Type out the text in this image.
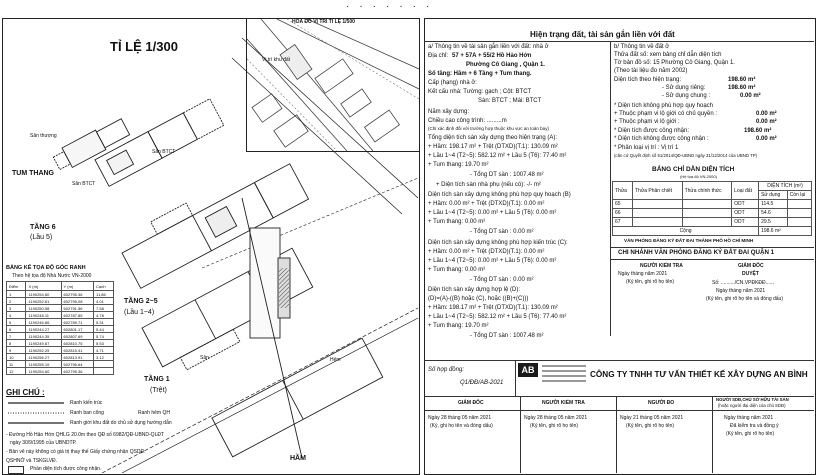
·······
TỈ LỆ 1/300
HOA ĐỒ VỊ TRÍ TỈ LỆ 1/500
Vị trí khu đất
TUM THANG
TẦNG 6
(Lầu 5)
TẦNG 2~5
(Lầu 1~4)
TẦNG 1
(Trệt)
HẦM
Sân BTCT
Sân thượng
Sân BTCT
Sân	Hẻm
BẢNG KÊ TỌA ĐỘ GÓC RANH
Theo hệ tọa độ Nhà Nước VN-2000
Điểm	X (m)	Y (m)	Cạnh
1	1190254.60	602795.36	11.86
2	1190252.61	602795.08	4.01
3	1190250.58	602791.56	7.58
4	1190248.11	602787.85	4.78
5	1190246.86	602789.71	5.31
6	1190244.27	602801.17	5.44
7	1190244.35	602807.69	5.74
8	1190249.67	602810.75	5.53
9	1190252.25	602815.41	4.71
10	1190256.27	602813.91	3.12
11	1190255.19	602796.64	
12	1190254.60	602795.36	
GHI CHÚ :
Ranh kiến trúc
Ranh ban công	Ranh hẻm QH
Ranh giới khu đất do chủ sử dụng hướng dẫn
- Đường Hồ Hảo Hớn QHLG 20.0m theo QĐ số 6982/QĐ-UBND-QLĐT
ngày 30/9/1995 của UBNDTP.
- Bản vẽ này không có giá trị thay thế Giấy chứng nhận QSDĐ.
QSHNỞ và TSKGLVĐ.
Phần diện tích được công nhận.
Hiện trạng đất, tài sản gắn liền với đất
a/ Thông tin về tài sản gắn liền với đất: nhà ở
Địa chỉ: 57 + 57A + 55/2 Hồ Hảo Hớn
Phường Cô Giang , Quận 1.
Số tầng: Hầm + 6 Tầng + Tum thang.
Cấp (hạng) nhà ở:
Kết cấu nhà: Tường: gạch ; Cột: BTCT
Sàn: BTCT ; Mái: BTCT
Năm xây dựng:
Chiều cao công trình: .........m
(Chỉ xác định đối với trường hợp thuộc khu vực an toàn bay)
Tổng diện tích sàn xây dựng theo hiện trạng (A):
+ Hầm: 198.17 m² + Trệt (DTXD)(T.1): 130.09 m²
+ Lầu 1~4 (T2~5): 582.12 m² + Lầu 5 (T6): 77.40 m²
+ Tum thang: 19.70 m²
- Tổng DT sàn : 1007.48 m²
+ Diện tích sàn nhà phụ (nếu có): -/- m²
Diện tích sàn xây dựng không phù hợp quy hoạch (B)
+ Hầm: 0.00 m² + Trệt (DTXD)(T.1): 0.00 m²
+ Lầu 1~4 (T2~5): 0.00 m² + Lầu 5 (T6): 0.00 m²
+ Tum thang: 0.00 m²
- Tổng DT sàn : 0.00 m²
Diện tích sàn xây dựng không phù hợp kiến trúc (C):
+ Hầm: 0.00 m² + Trệt (DTXD)(T.1): 0.00 m²
+ Lầu 1~4 (T2~5): 0.00 m² + Lầu 5 (T6): 0.00 m²
+ Tum thang: 0.00 m²
- Tổng DT sàn : 0.00 m²
Diện tích sàn xây dựng hợp lệ (D):
(D)=(A)-((B) hoặc (C), hoặc ((B)+(C)))
+ Hầm: 198.17 m² + Trệt (DTXD)(T.1): 130.09 m²
+ Lầu 1~4 (T2~5): 582.12 m² + Lầu 5 (T6): 77.40 m²
+ Tum thang: 19.70 m²
- Tổng DT sàn : 1007.48 m²
b/ Thông tin về đất ở
Thửa đất số: xem bảng chỉ dẫn diện tích
Tờ bản đồ số: 15 Phường Cô Giang, Quận 1.
(Theo tài liệu đo năm 2002)
Diện tích theo hiện trạng:	198.60 m²
- Sử dụng riêng:	198.60 m²
- Sử dụng chung :	0.00 m²
* Diện tích không phù hợp quy hoạch
+ Thuộc phạm vi lộ giới có chủ quyền :	0.00 m²
+ Thuộc phạm vi lộ giới :	0.00 m²
* Diện tích được công nhận:	198.60 m²
* Diện tích không được công nhận :	0.00 m²
* Phân loại vị trí : Vị trí 1
(căn cứ Quyết định số 51/2014/QĐ-UBND ngày 31/12/2014 của UBND TP)
BẢNG CHỈ DẪN DIỆN TÍCH
(Hệ tọa độ VN-2000)
Thửa	Thửa Phân chiết	Thửa chính thức	Loại đất	DIỆN TÍCH (m²)	
				Sử dụng	Còn lại
65			ODT	114.5	
66			ODT	54.6	
67			ODT	29.5	
Cộng				198.6 m²	
VĂN PHÒNG ĐĂNG KÝ ĐẤT ĐAI THÀNH PHỐ HỒ CHÍ MINH
CHI NHÁNH VĂN PHÒNG ĐĂNG KÝ ĐẤT ĐAI QUẬN 1
NGƯỜI KIỂM TRA
Ngày tháng năm 2021
(Ký tên, ghi rõ họ tên)
GIÁM ĐỐC
DUYỆT
Số: ........../CN.VPĐKĐĐ......
Ngày tháng năm 2021
(Ký tên, ghi rõ họ tên và đóng dấu)
Số hợp đồng:
Q1/ĐĐ/AB-2021
AB	CÔNG TY TNHH TƯ VẤN THIẾT KẾ XÂY DỰNG AN BÌNH
GIÁM ĐỐC
Ngày 28 tháng 05 năm 2021
(Ký, ghi họ tên và đóng dấu)
NGƯỜI KIỂM TRA
Ngày 28 tháng 05 năm 2021
(Ký tên, ghi rõ họ tên)
NGƯỜI ĐO
Ngày 21 tháng 05 năm 2021
(Ký tên, ghi rõ họ tên)
NGƯỜI SDĐ,CHỦ SỞ HỮU TÀI SẢN
(hoặc người đại diện của chủ SDĐ)
Ngày tháng năm 2021
Đã kiểm tra và đồng ý
(Ký tên, ghi rõ họ tên)
